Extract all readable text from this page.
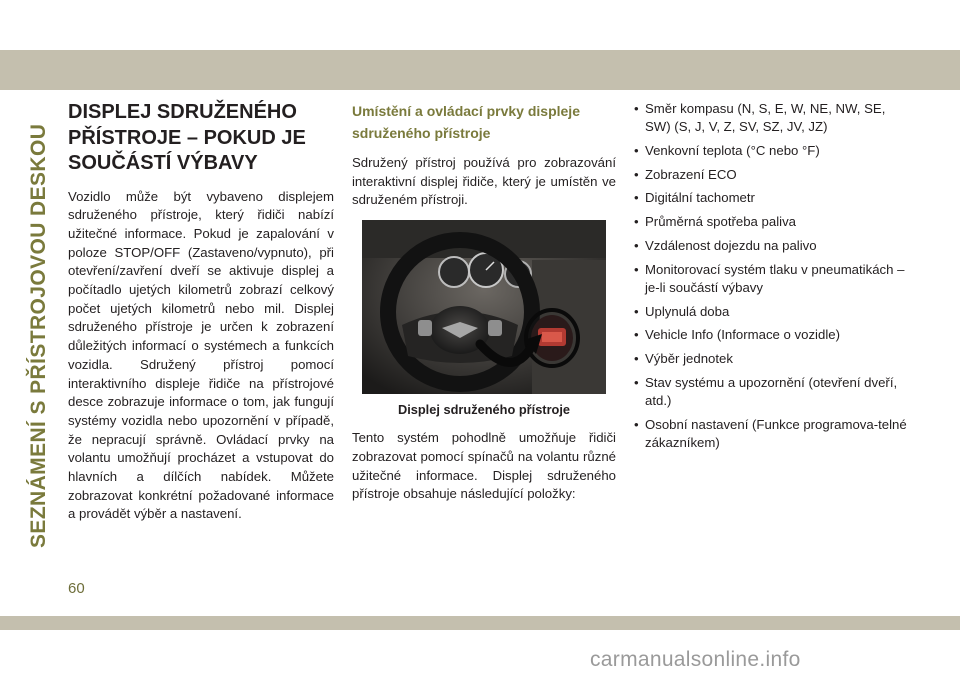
SEZNÁMENÍ S PŘÍSTROJOVOU DESKOU
DISPLEJ SDRUŽENÉHO
PŘÍSTROJE – POKUD JE
SOUČÁSTÍ VÝBAVY

Vozidlo může být vybaveno displejem sdruženého přístroje, který řidiči nabízí užitečné informace. Pokud je zapalování v poloze STOP/OFF (Zastaveno/vypnuto), při otevření/zavření dveří se aktivuje displej a počítadlo ujetých kilometrů zobrazí celkový počet ujetých kilometrů nebo mil. Displej sdruženého přístroje je určen k zobrazení důležitých informací o systémech a funkcích vozidla. Sdružený přístroj pomocí interaktivního displeje řidiče na přístrojové desce zobrazuje informace o tom, jak fungují systémy vozidla nebo upozornění v případě, že nepracují správně. Ovládací prvky na volantu umožňují procházet a vstupovat do hlavních a dílčích nabídek. Můžete zobrazovat konkrétní požadované informace a provádět výběr a nastavení.

Umístění a ovládací prvky displeje
sdruženého přístroje

Sdružený přístroj používá pro zobrazování interaktivní displej řidiče, který je umístěn ve sdruženém přístroji.

Displej sdruženého přístroje

Tento systém pohodlně umožňuje řidiči zobrazovat pomocí spínačů na volantu různé užitečné informace. Displej sdruženého přístroje obsahuje následující položky:

• Směr kompasu (N, S, E, W, NE, NW, SE, SW) (S, J, V, Z, SV, SZ, JV, JZ)
• Venkovní teplota (°C nebo °F)
• Zobrazení ECO
• Digitální tachometr
• Průměrná spotřeba paliva
• Vzdálenost dojezdu na palivo
• Monitorovací systém tlaku v pneumatikách – je-li součástí výbavy
• Uplynulá doba
• Vehicle Info (Informace o vozidle)
• Výběr jednotek
• Stav systému a upozornění (otevření dveří, atd.)
• Osobní nastavení (Funkce programova-telné zákazníkem)
60
carmanualsonline.info
